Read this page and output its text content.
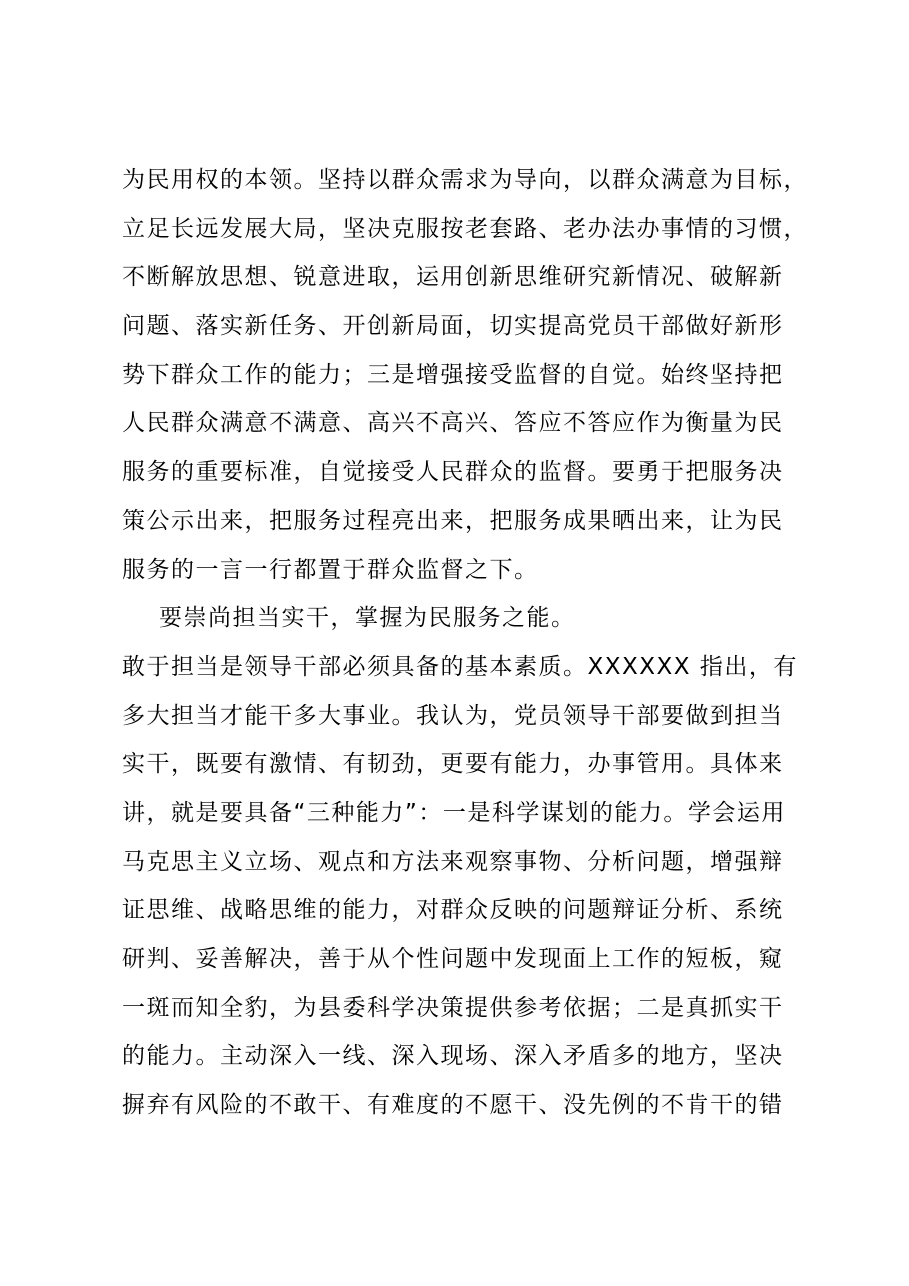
为民用权的本领。坚持以群众需求为导向，以群众满意为目标，
立足长远发展大局，坚决克服按老套路、老办法办事情的习惯，
不断解放思想、锐意进取，运用创新思维研究新情况、破解新
问题、落实新任务、开创新局面，切实提高党员干部做好新形
势下群众工作的能力；三是增强接受监督的自觉。始终坚持把
人民群众满意不满意、高兴不高兴、答应不答应作为衡量为民
服务的重要标准，自觉接受人民群众的监督。要勇于把服务决
策公示出来，把服务过程亮出来，把服务成果晒出来，让为民
服务的一言一行都置于群众监督之下。
要崇尚担当实干，掌握为民服务之能。
敢于担当是领导干部必须具备的基本素质。XXXXXX 指出，有
多大担当才能干多大事业。我认为，党员领导干部要做到担当
实干，既要有激情、有韧劲，更要有能力，办事管用。具体来
讲，就是要具备“三种能力”：一是科学谋划的能力。学会运用
马克思主义立场、观点和方法来观察事物、分析问题，增强辩
证思维、战略思维的能力，对群众反映的问题辩证分析、系统
研判、妥善解决，善于从个性问题中发现面上工作的短板，窥
一斑而知全豹，为县委科学决策提供参考依据；二是真抓实干
的能力。主动深入一线、深入现场、深入矛盾多的地方，坚决
摒弃有风险的不敢干、有难度的不愿干、没先例的不肯干的错
